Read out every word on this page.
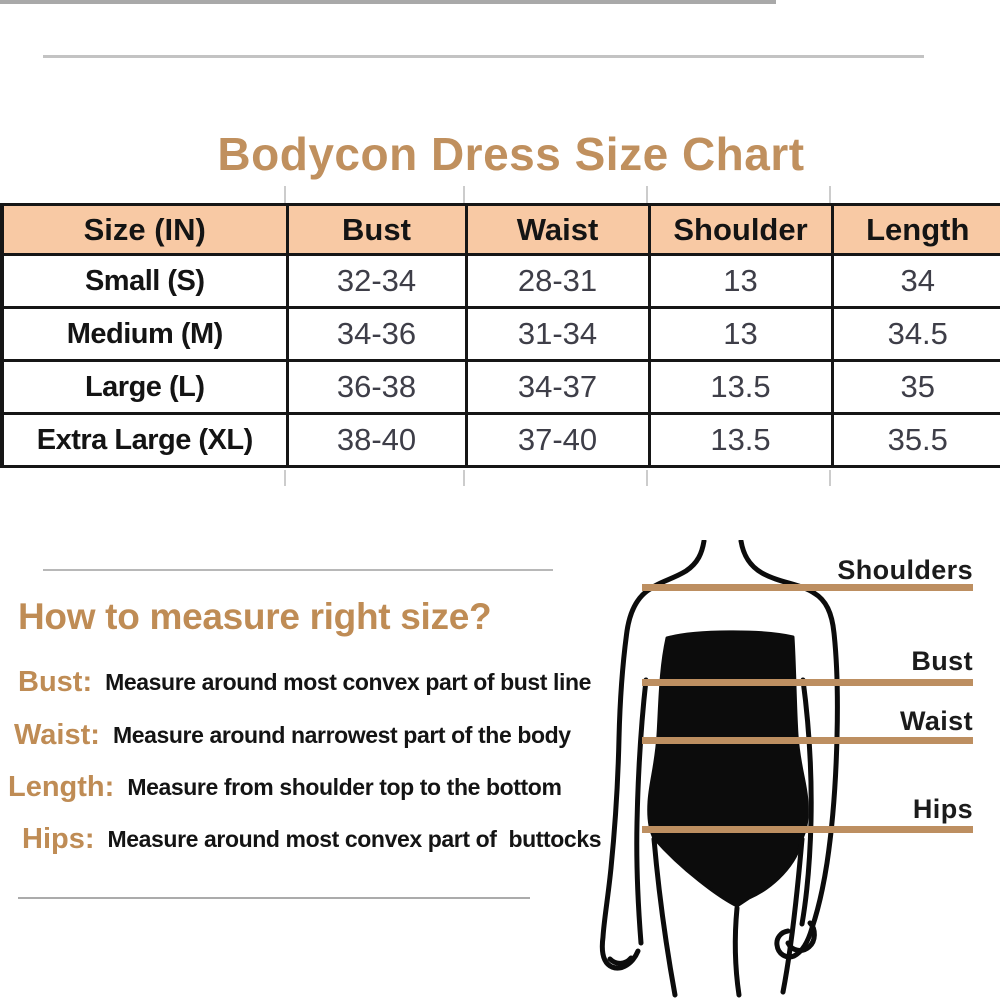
Bodycon Dress Size Chart
Size (IN)	Bust	Waist	Shoulder	Length
Small (S)	32-34	28-31	13	34
Medium (M)	34-36	31-34	13	34.5
Large (L)	36-38	34-37	13.5	35
Extra Large (XL)	38-40	37-40	13.5	35.5
How to measure right size?
Bust: Measure around most convex part of bust line
Waist: Measure around narrowest part of the body
Length: Measure from shoulder top to the bottom
Hips: Measure around most convex part of  buttocks
Shoulders
Bust
Waist
Hips
